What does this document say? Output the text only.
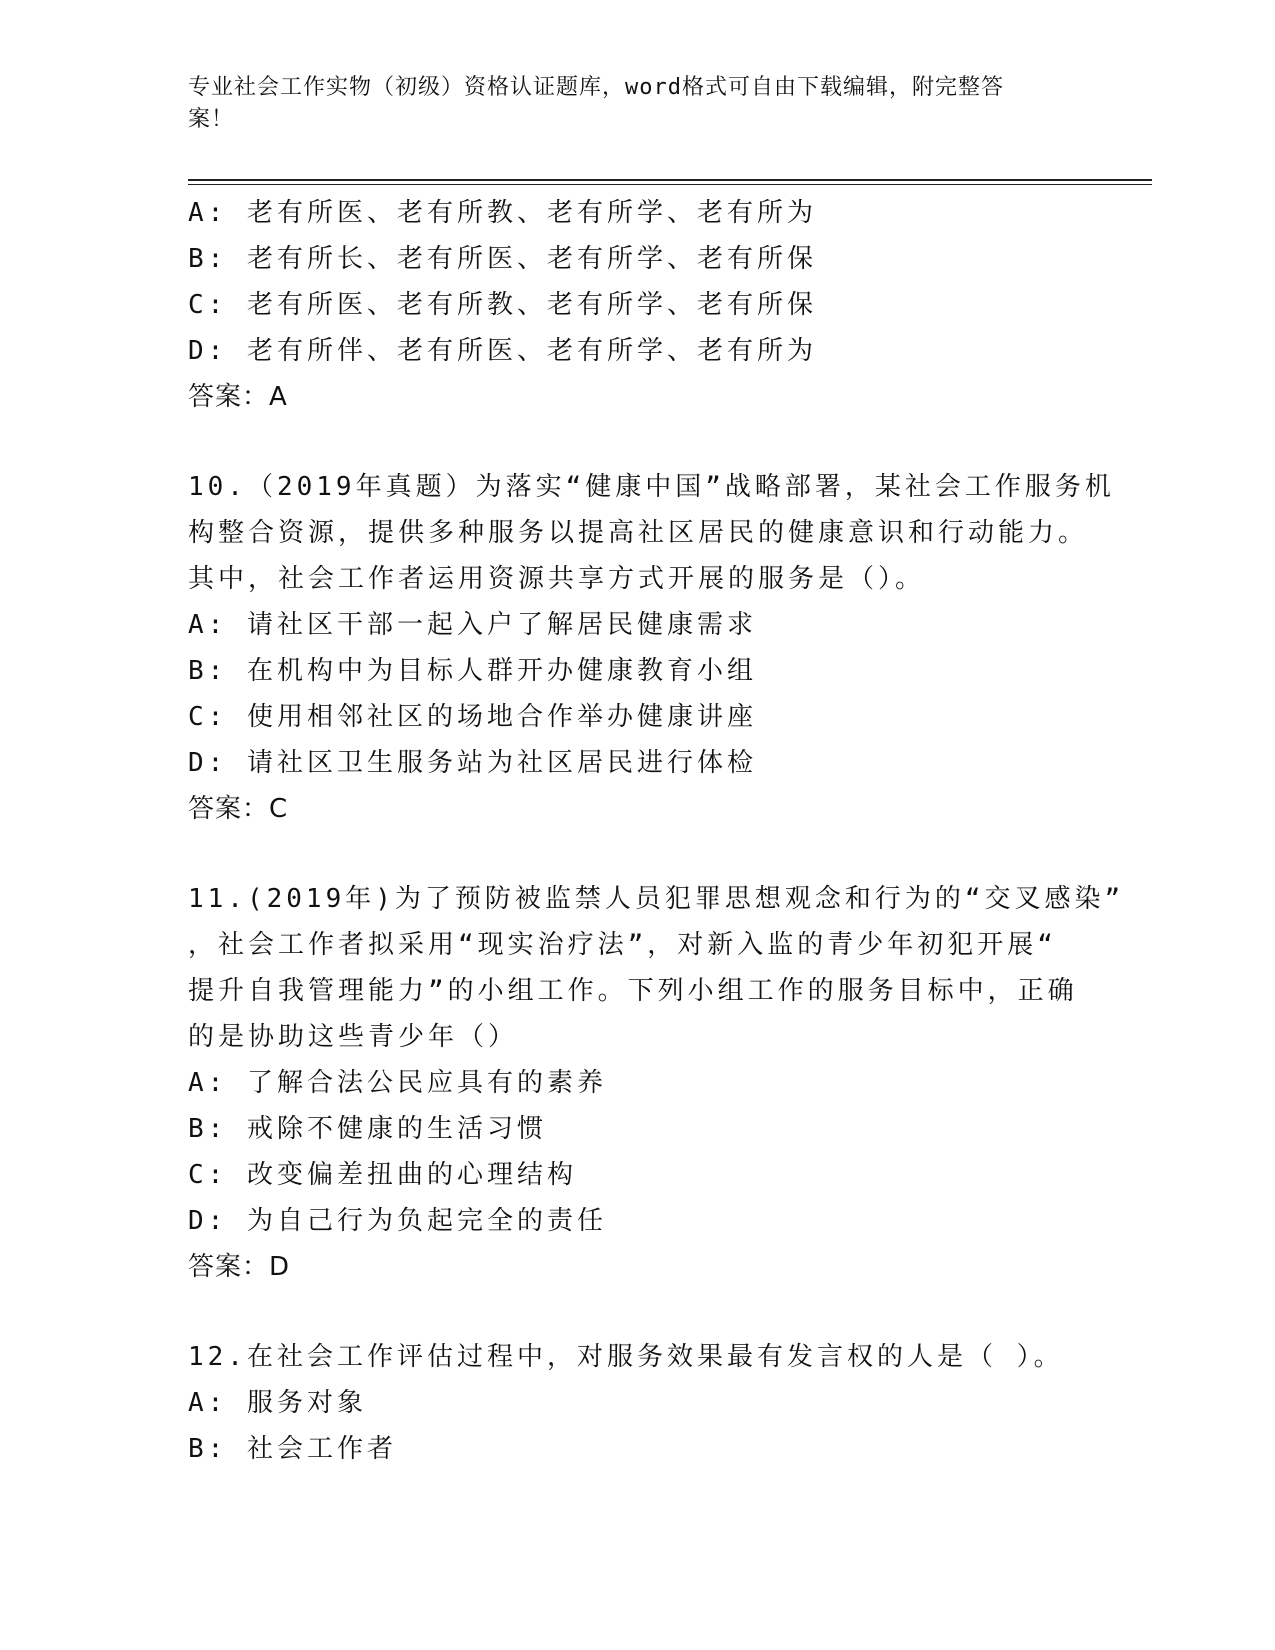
专业社会工作实物（初级）资格认证题库，word格式可自由下载编辑，附完整答
案！
A: 老有所医、老有所教、老有所学、老有所为
B: 老有所长、老有所医、老有所学、老有所保
C: 老有所医、老有所教、老有所学、老有所保
D: 老有所伴、老有所医、老有所学、老有所为
答案：A
10.（2019年真题）为落实“健康中国”战略部署，某社会工作服务机
构整合资源，提供多种服务以提高社区居民的健康意识和行动能力。
其中，社会工作者运用资源共享方式开展的服务是（）。
A: 请社区干部一起入户了解居民健康需求
B: 在机构中为目标人群开办健康教育小组
C: 使用相邻社区的场地合作举办健康讲座
D: 请社区卫生服务站为社区居民进行体检
答案：C
11.(2019年)为了预防被监禁人员犯罪思想观念和行为的“交叉感染”
，社会工作者拟采用“现实治疗法”，对新入监的青少年初犯开展“
提升自我管理能力”的小组工作。下列小组工作的服务目标中，正确
的是协助这些青少年（）
A: 了解合法公民应具有的素养
B: 戒除不健康的生活习惯
C: 改变偏差扭曲的心理结构
D: 为自己行为负起完全的责任
答案：D
12.在社会工作评估过程中，对服务效果最有发言权的人是（ ）。
A: 服务对象
B: 社会工作者
